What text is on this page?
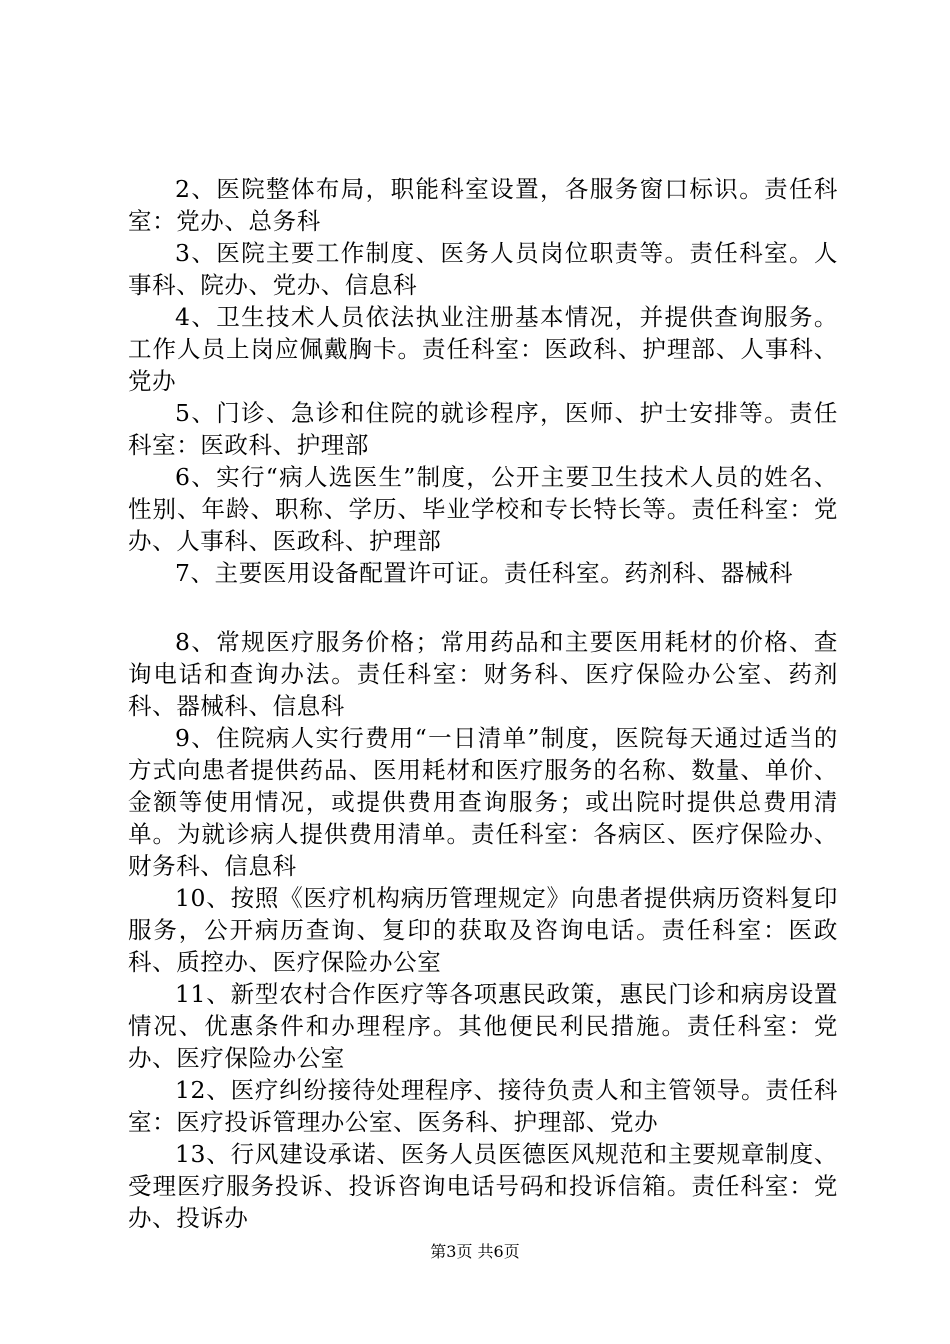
2、医院整体布局，职能科室设置，各服务窗口标识。责任科室：党办、总务科

3、医院主要工作制度、医务人员岗位职责等。责任科室。人事科、院办、党办、信息科

4、卫生技术人员依法执业注册基本情况，并提供查询服务。工作人员上岗应佩戴胸卡。责任科室：医政科、护理部、人事科、党办

5、门诊、急诊和住院的就诊程序，医师、护士安排等。责任科室：医政科、护理部

6、实行“病人选医生”制度，公开主要卫生技术人员的姓名、性别、年龄、职称、学历、毕业学校和专长特长等。责任科室：党办、人事科、医政科、护理部

7、主要医用设备配置许可证。责任科室。药剂科、器械科

8、常规医疗服务价格；常用药品和主要医用耗材的价格、查询电话和查询办法。责任科室：财务科、医疗保险办公室、药剂科、器械科、信息科

9、住院病人实行费用“一日清单”制度，医院每天通过适当的方式向患者提供药品、医用耗材和医疗服务的名称、数量、单价、金额等使用情况，或提供费用查询服务；或出院时提供总费用清单。为就诊病人提供费用清单。责任科室：各病区、医疗保险办、财务科、信息科

10、按照《医疗机构病历管理规定》向患者提供病历资料复印服务，公开病历查询、复印的获取及咨询电话。责任科室：医政科、质控办、医疗保险办公室

11、新型农村合作医疗等各项惠民政策，惠民门诊和病房设置情况、优惠条件和办理程序。其他便民利民措施。责任科室：党办、医疗保险办公室

12、医疗纠纷接待处理程序、接待负责人和主管领导。责任科室：医疗投诉管理办公室、医务科、护理部、党办

13、行风建设承诺、医务人员医德医风规范和主要规章制度、受理医疗服务投诉、投诉咨询电话号码和投诉信箱。责任科室：党办、投诉办

第3页 共6页
